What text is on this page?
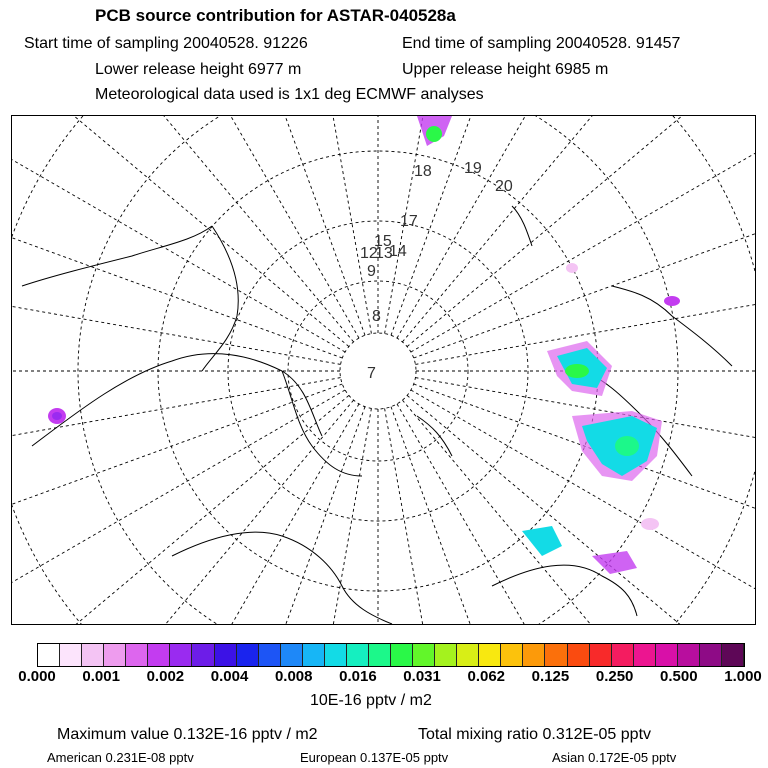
PCB source contribution for ASTAR-040528a
Start time of sampling 20040528. 91226	End time of sampling 20040528. 91457
Lower release height 6977 m	Upper release height 6985 m
Meteorological data used is 1x1 deg ECMWF analyses
18 19
20
17
15
14
13
12
9
8
7
0.000 0.001 0.002 0.004 0.008 0.016 0.031 0.062 0.125 0.250 0.500 1.000
10E-16 pptv / m2
Maximum value 0.132E-16 pptv / m2	Total mixing ratio 0.312E-05 pptv
American 0.231E-08 pptv	European 0.137E-05 pptv	Asian 0.172E-05 pptv
